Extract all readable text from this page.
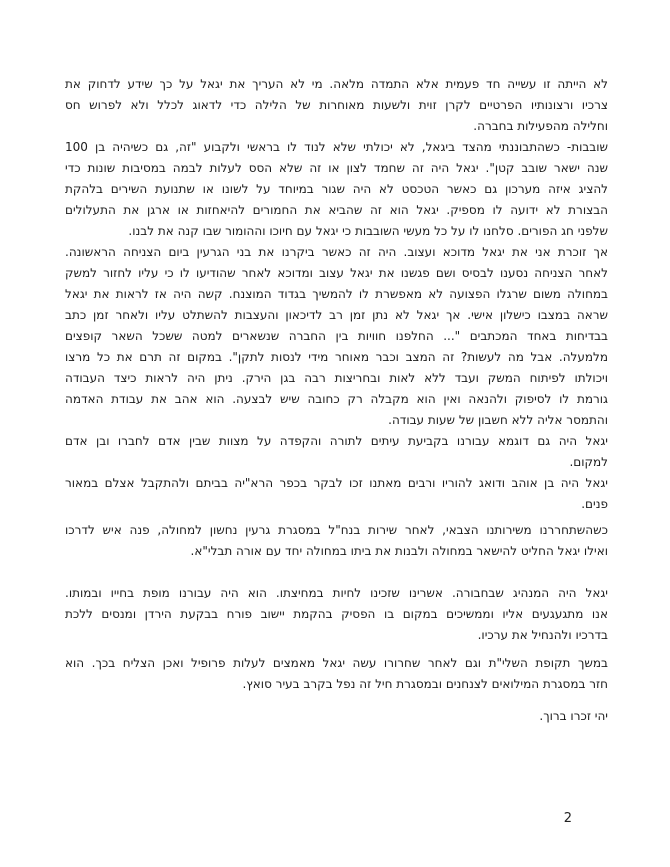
לא הייתה זו עשייה חד פעמית אלא התמדה מלאה. מי לא העריך את יגאל על כך שידע לדחוק את
צרכיו ורצונותיו הפרטיים לקרן זוית ולשעות מאוחרות של הלילה כדי לדאוג לכלל ולא לפרוש חס
וחלילה מהפעילות בחברה.

שובבות- כשהתבוננתי מהצד ביגאל, לא יכולתי שלא לנוד לו בראשי ולקבוע "זה, גם כשיהיה בן 100
שנה ישאר שובב קטן". יגאל היה זה שחמד לצון או זה שלא הסס לעלות לבמה במסיבות שונות כדי
להציג איזה מערכון גם כאשר הטכסט לא היה שגור במיוחד על לשונו או שתנועת השירים בלהקת
הבצורת לא ידועה לו מספיק. יגאל הוא זה שהביא את החמורים להיאחזות או ארגן את התעלולים
שלפני חג הפורים. סלחנו לו על כל מעשי השובבות כי יגאל עם חיוכו וההומור שבו קנה את לבנו.

אך זוכרת אני את יגאל מדוכא ועצוב. היה זה כאשר ביקרנו את בני הגרעין ביום הצניחה הראשונה.
לאחר הצניחה נסענו לבסיס ושם פגשנו את יגאל עצוב ומדוכא לאחר שהודיעו לו כי עליו לחזור למשק
במחולה משום שרגלו הפצועה לא מאפשרת לו להמשיך בגדוד המוצנח. קשה היה אז לראות את יגאל
שראה במצבו כישלון אישי. אך יגאל לא נתן זמן רב לדיכאון והעצבות להשתלט עליו ולאחר זמן כתב
בבדיחות באחד המכתבים "... החלפנו חוויות בין החברה שנשארים למטה ששכל השאר קופצים
מלמעלה. אבל מה לעשות? זה המצב וכבר מאוחר מידי לנסות לתקן". במקום זה תרם את כל מרצו
ויכולתו לפיתוח המשק ועבד ללא לאות ובחריצות רבה בגן הירק. ניתן היה לראות כיצד העבודה
גורמת לו לסיפוק ולהנאה ואין הוא מקבלה רק כחובה שיש לבצעה. הוא אהב את עבודת האדמה
והתמסר אליה ללא חשבון של שעות עבודה.

יגאל היה גם דוגמא עבורנו בקביעת עיתים לתורה והקפדה על מצוות שבין אדם לחברו ובן אדם
למקום.

יגאל היה בן אוהב ודואג להוריו ורבים מאתנו זכו לבקר בכפר הרא"יה בביתם ולהתקבל אצלם במאור
פנים.

כשהשתחררנו משירותנו הצבאי, לאחר שירות בנח"ל במסגרת גרעין נחשון למחולה, פנה איש לדרכו
ואילו יגאל החליט להישאר במחולה ולבנות את ביתו במחולה יחד עם אורה תבלי"א.

יגאל היה המנהיג שבחבורה. אשרינו שזכינו לחיות במחיצתו. הוא היה עבורנו מופת בחייו ובמותו.
אנו מתגעגעים אליו וממשיכים במקום בו הפסיק בהקמת יישוב פורח בבקעת הירדן ומנסים ללכת
בדרכיו ולהנחיל את ערכיו.

במשך תקופת השלי"ת וגם לאחר שחרורו עשה יגאל מאמצים לעלות פרופיל ואכן הצליח בכך. הוא
חזר במסגרת המילואים לצנחנים ובמסגרת חיל זה נפל בקרב בעיר סואץ.

יהי זכרו ברוך.

2
